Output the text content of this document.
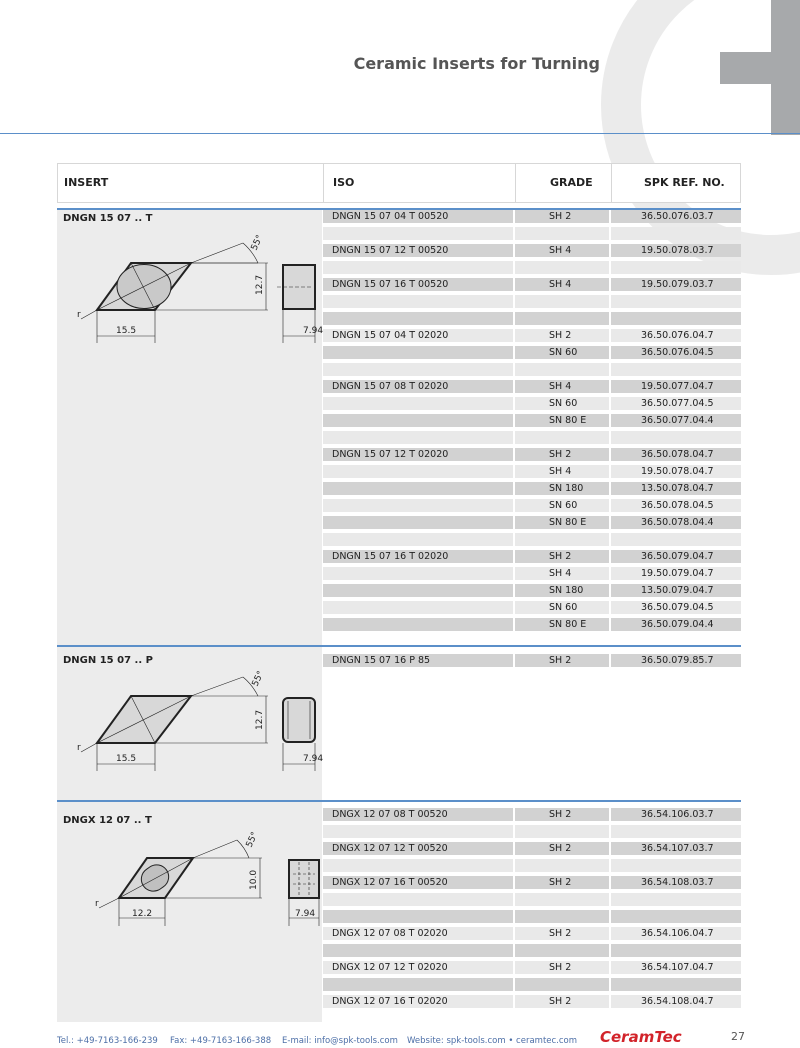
Ceramic Inserts for Turning
INSERT	ISO	GRADE	SPK REF. NO.
DNGN 15 07 .. T
55°
12.7
15.5	7.94
r
DNGN 15 07 04 T 00520	SH 2	36.50.076.03.7
DNGN 15 07 12 T 00520	SH 4	19.50.078.03.7
DNGN 15 07 16 T 00520	SH 4	19.50.079.03.7
DNGN 15 07 04 T 02020	SH 2	36.50.076.04.7
SN 60	36.50.076.04.5
DNGN 15 07 08 T 02020	SH 4	19.50.077.04.7
SN 60	36.50.077.04.5
SN 80 E	36.50.077.04.4
DNGN 15 07 12 T 02020	SH 2	36.50.078.04.7
SH 4	19.50.078.04.7
SN 180	13.50.078.04.7
SN 60	36.50.078.04.5
SN 80 E	36.50.078.04.4
DNGN 15 07 16 T 02020	SH 2	36.50.079.04.7
SH 4	19.50.079.04.7
SN 180	13.50.079.04.7
SN 60	36.50.079.04.5
SN 80 E	36.50.079.04.4
DNGN 15 07 .. P
55°
12.7
15.5	7.94
r
DNGN 15 07 16 P 85	SH 2	36.50.079.85.7
DNGX 12 07 .. T
55°
10.0
12.2	7.94
r
DNGX 12 07 08 T 00520	SH 2	36.54.106.03.7
DNGX 12 07 12 T 00520	SH 2	36.54.107.03.7
DNGX 12 07 16 T 00520	SH 2	36.54.108.03.7
DNGX 12 07 08 T 02020	SH 2	36.54.106.04.7
DNGX 12 07 12 T 02020	SH 2	36.54.107.04.7
DNGX 12 07 16 T 02020	SH 2	36.54.108.04.7
Tel.: +49-7163-166-239 Fax: +49-7163-166-388 E-mail: info@spk-tools.com Website: spk-tools.com • ceramtec.com CeramTec	27
